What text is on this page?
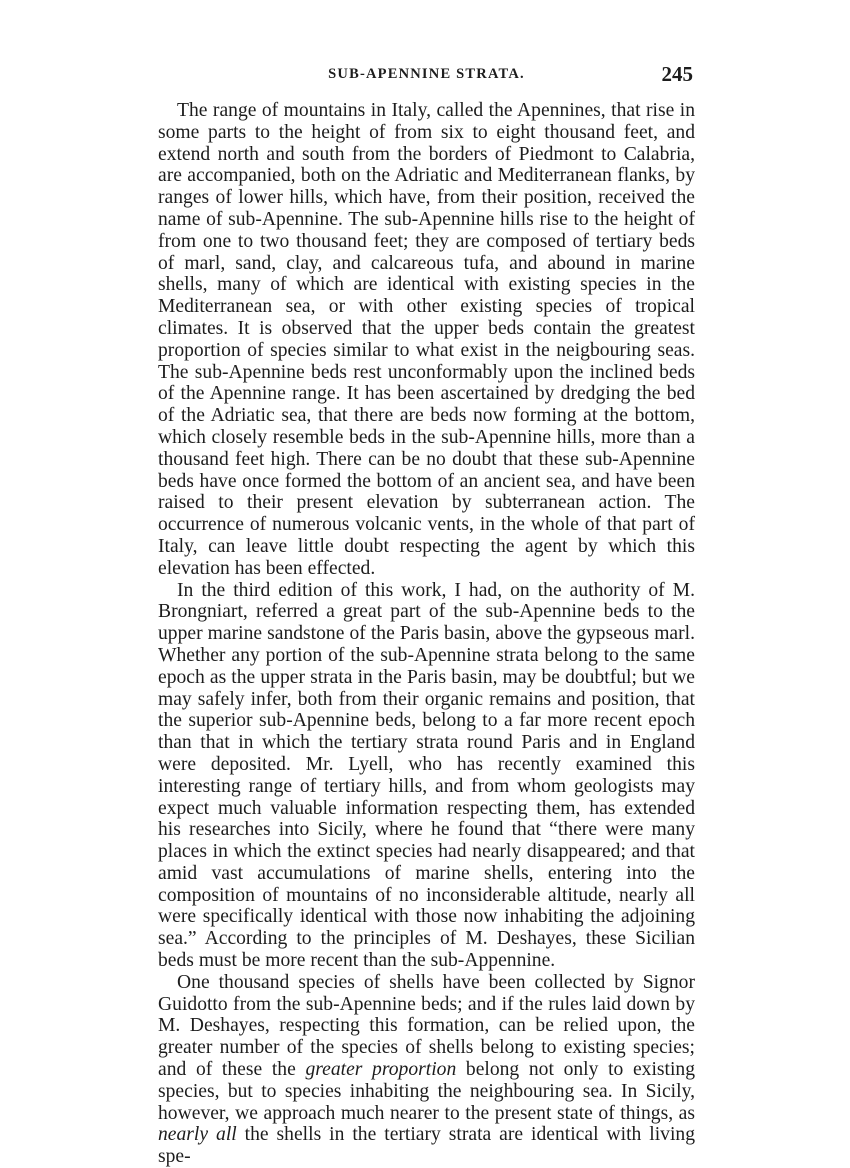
SUB-APENNINE STRATA.	245

The range of mountains in Italy, called the Apennines, that rise in some parts to the height of from six to eight thousand feet, and extend north and south from the borders of Piedmont to Calabria, are accompanied, both on the Adriatic and Mediterranean flanks, by ranges of lower hills, which have, from their position, received the name of sub-Apennine. The sub-Apennine hills rise to the height of from one to two thousand feet; they are composed of tertiary beds of marl, sand, clay, and calcareous tufa, and abound in marine shells, many of which are identical with existing species in the Mediterranean sea, or with other existing species of tropical climates. It is observed that the upper beds contain the greatest proportion of species similar to what exist in the neigbouring seas. The sub-Apennine beds rest unconformably upon the inclined beds of the Apennine range. It has been ascertained by dredging the bed of the Adriatic sea, that there are beds now forming at the bottom, which closely resemble beds in the sub-Apennine hills, more than a thousand feet high. There can be no doubt that these sub-Apennine beds have once formed the bottom of an ancient sea, and have been raised to their present elevation by subterranean action. The occurrence of numerous volcanic vents, in the whole of that part of Italy, can leave little doubt respecting the agent by which this elevation has been effected.

In the third edition of this work, I had, on the authority of M. Brongniart, referred a great part of the sub-Apennine beds to the upper marine sandstone of the Paris basin, above the gypseous marl. Whether any portion of the sub-Apennine strata belong to the same epoch as the upper strata in the Paris basin, may be doubtful; but we may safely infer, both from their organic remains and position, that the superior sub-Apennine beds, belong to a far more recent epoch than that in which the tertiary strata round Paris and in England were deposited. Mr. Lyell, who has recently examined this interesting range of tertiary hills, and from whom geologists may expect much valuable information respecting them, has extended his researches into Sicily, where he found that “there were many places in which the extinct species had nearly disappeared; and that amid vast accumulations of marine shells, entering into the composition of mountains of no inconsiderable altitude, nearly all were specifically identical with those now inhabiting the adjoining sea.” According to the principles of M. Deshayes, these Sicilian beds must be more recent than the sub-Appennine.

One thousand species of shells have been collected by Signor Guidotto from the sub-Apennine beds; and if the rules laid down by M. Deshayes, respecting this formation, can be relied upon, the greater number of the species of shells belong to existing species; and of these the greater proportion belong not only to existing species, but to species inhabiting the neighbouring sea. In Sicily, however, we approach much nearer to the present state of things, as nearly all the shells in the tertiary strata are identical with living spe-
